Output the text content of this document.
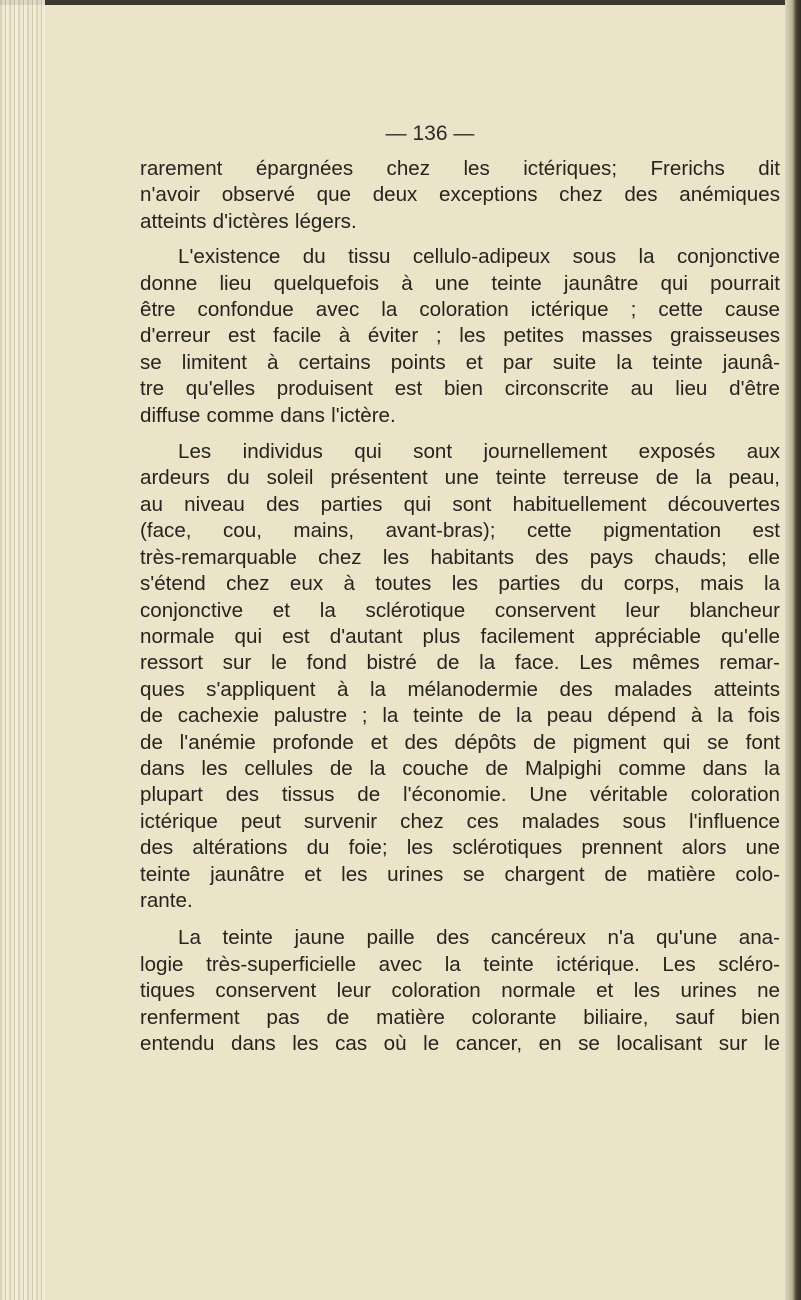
— 136 —

rarement épargnées chez les ictériques; Frerichs dit
n'avoir observé que deux exceptions chez des anémiques
atteints d'ictères légers.

L'existence du tissu cellulo-adipeux sous la conjonctive
donne lieu quelquefois à une teinte jaunâtre qui pourrait
être confondue avec la coloration ictérique ; cette cause
d'erreur est facile à éviter ; les petites masses graisseuses
se limitent à certains points et par suite la teinte jaunâ-
tre qu'elles produisent est bien circonscrite au lieu d'être
diffuse comme dans l'ictère.

Les individus qui sont journellement exposés aux
ardeurs du soleil présentent une teinte terreuse de la peau,
au niveau des parties qui sont habituellement découvertes
(face, cou, mains, avant-bras); cette pigmentation est
très-remarquable chez les habitants des pays chauds; elle
s'étend chez eux à toutes les parties du corps, mais la
conjonctive et la sclérotique conservent leur blancheur
normale qui est d'autant plus facilement appréciable qu'elle
ressort sur le fond bistré de la face. Les mêmes remar-
ques s'appliquent à la mélanodermie des malades atteints
de cachexie palustre ; la teinte de la peau dépend à la fois
de l'anémie profonde et des dépôts de pigment qui se font
dans les cellules de la couche de Malpighi comme dans la
plupart des tissus de l'économie. Une véritable coloration
ictérique peut survenir chez ces malades sous l'influence
des altérations du foie; les sclérotiques prennent alors une
teinte jaunâtre et les urines se chargent de matière colo-
rante.

La teinte jaune paille des cancéreux n'a qu'une ana-
logie très-superficielle avec la teinte ictérique. Les scléro-
tiques conservent leur coloration normale et les urines ne
renferment pas de matière colorante biliaire, sauf bien
entendu dans les cas où le cancer, en se localisant sur le
